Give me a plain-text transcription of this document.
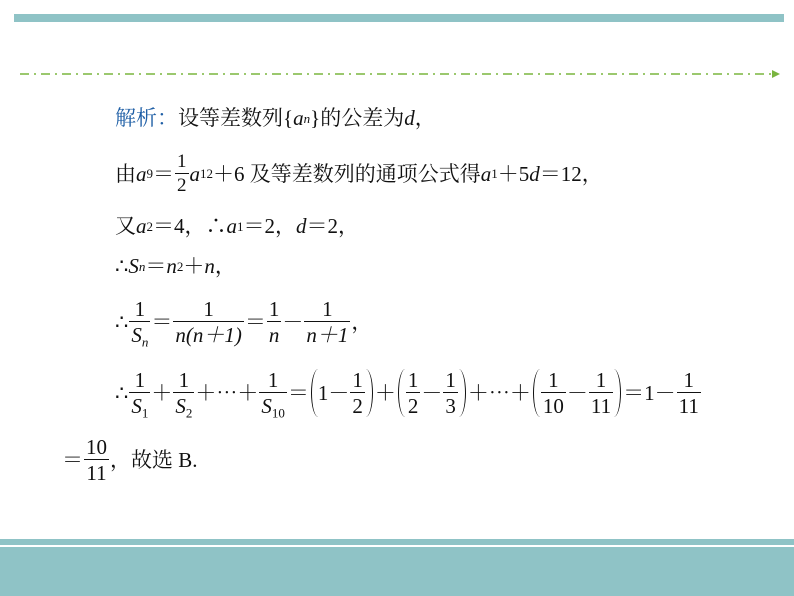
解析： 设等差数列{ a n }的公差为 d ，
由 a $9 = \frac{1}{2}$ a 12 ＋6 及等差数列的通项公式得 a 1 ＋5 d ＝12，
又 a 2 ＝4，∴ a 1 ＝2， d ＝2，
∴ S n ＝ n 2 ＋ n ，
∴ $\frac{1}{S_n} = \frac{1}{n(n+1)} = \frac{1}{n} - \frac{1}{n+1}$ ，
∴ $\frac{1}{S_1} + \frac{1}{S_2}$ ＋⋯＋ $\frac{1}{S_{10}} = 1 - \frac{1}{2} + \frac{1}{2} - \frac{1}{3}$ ＋⋯＋ $\frac{1}{10} - \frac{1}{11} =1- \frac{1}{11}$
＝ $\frac{10}{11}$ ，故选 B.
